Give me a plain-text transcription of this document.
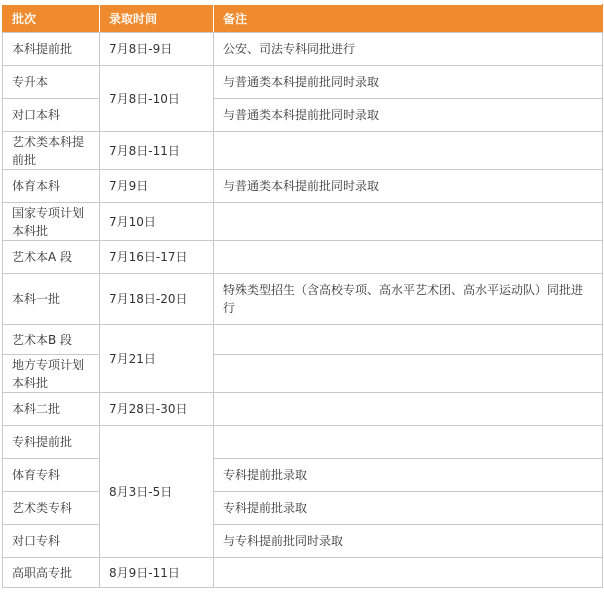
批次	录取时间	备注
本科提前批	7月8日-9日	公安、司法专科同批进行
专升本	7月8日-10日	与普通类本科提前批同时录取
对口本科		与普通类本科提前批同时录取
艺术类本科提前批	7月8日-11日	
体育本科	7月9日	与普通类本科提前批同时录取
国家专项计划本科批	7月10日	
艺术本A 段	7月16日-17日	
本科一批	7月18日-20日	特殊类型招生（含高校专项、高水平艺术团、高水平运动队）同批进行
艺术本B 段	7月21日	
地方专项计划本科批		
本科二批	7月28日-30日	
专科提前批	8月3日-5日	
体育专科		专科提前批录取
艺术类专科		专科提前批录取
对口专科		与专科提前批同时录取
高职高专批	8月9日-11日	
